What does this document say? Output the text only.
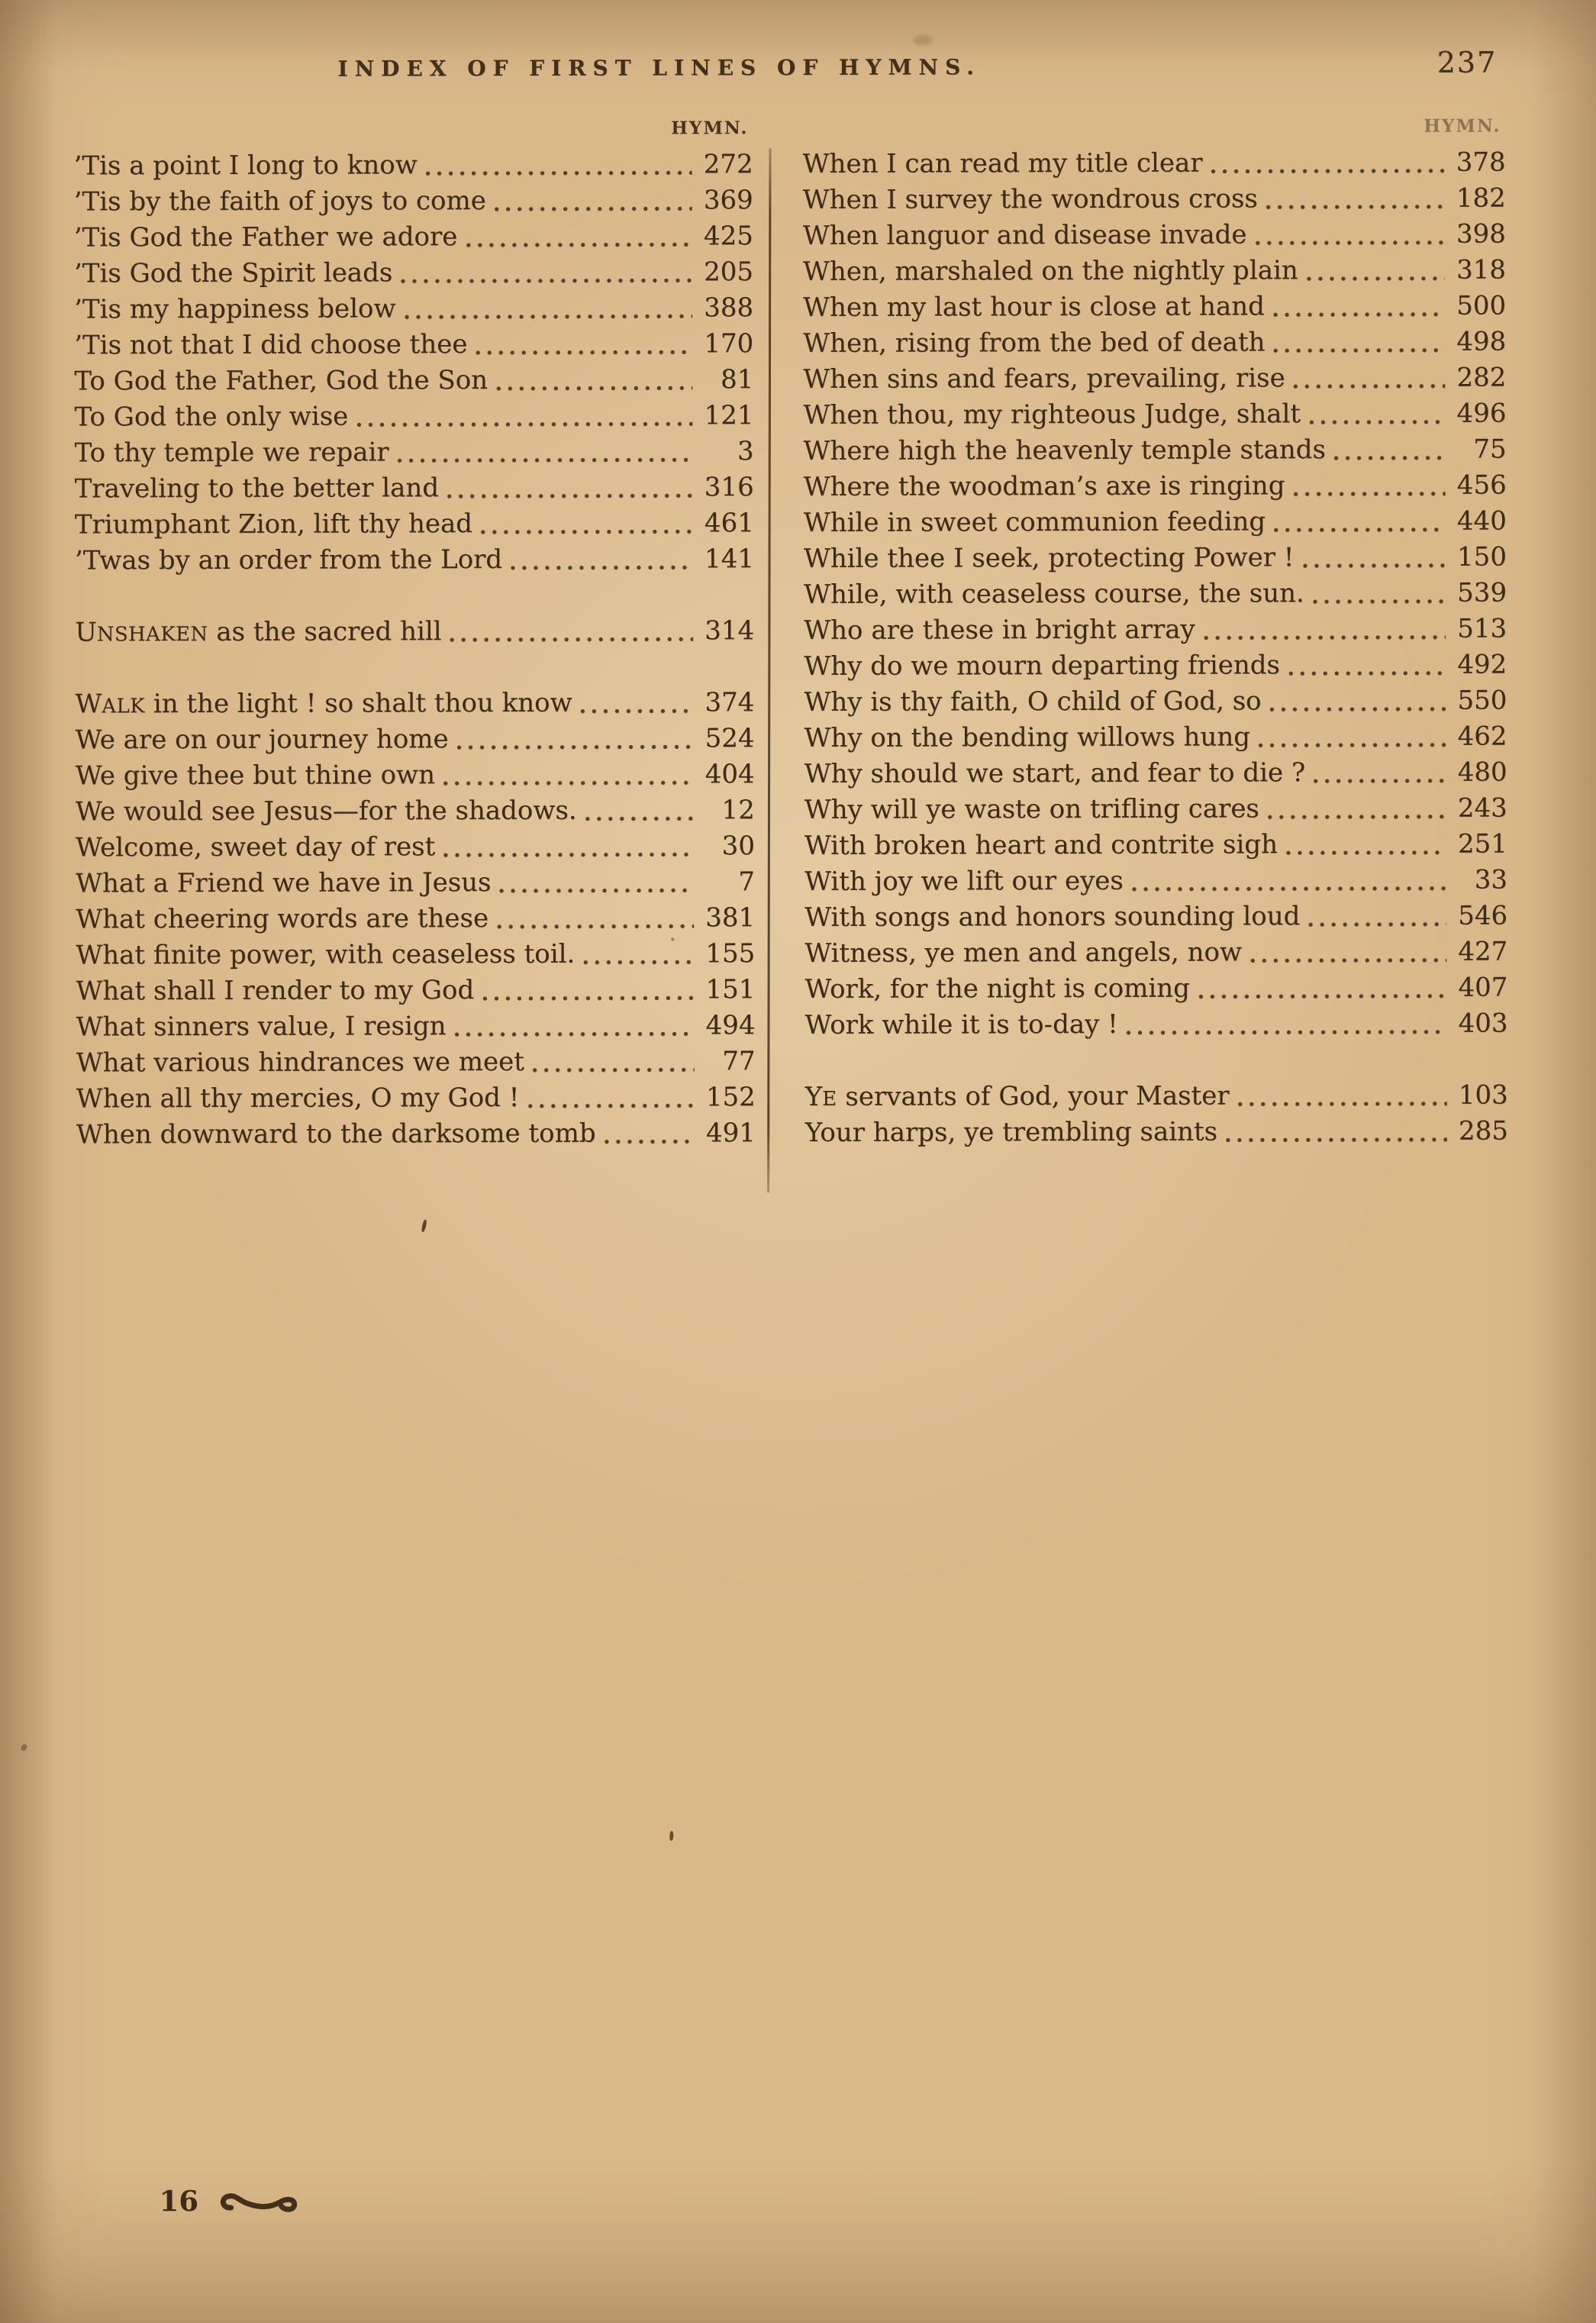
INDEX OF FIRST LINES OF HYMNS.	237
HYMN.
’Tis a point I long to know	272
’Tis by the faith of joys to come	369
’Tis God the Father we adore	425
’Tis God the Spirit leads	205
’Tis my happiness below	388
’Tis not that I did choose thee	170
To God the Father, God the Son	81
To God the only wise	121
To thy temple we repair	3
Traveling to the better land	316
Triumphant Zion, lift thy head	461
’Twas by an order from the Lord	141
UNSHAKEN as the sacred hill	314
WALK in the light ! so shalt thou know	374
We are on our journey home	524
We give thee but thine own	404
We would see Jesus—for the shadows.	12
Welcome, sweet day of rest	30
What a Friend we have in Jesus	7
What cheering words are these	381
What finite power, with ceaseless toil.	155
What shall I render to my God	151
What sinners value, I resign	494
What various hindrances we meet	77
When all thy mercies, O my God !	152
When downward to the darksome tomb	491
HYMN.
When I can read my title clear	378
When I survey the wondrous cross	182
When languor and disease invade	398
When, marshaled on the nightly plain	318
When my last hour is close at hand	500
When, rising from the bed of death	498
When sins and fears, prevailing, rise	282
When thou, my righteous Judge, shalt	496
Where high the heavenly temple stands	75
Where the woodman’s axe is ringing	456
While in sweet communion feeding	440
While thee I seek, protecting Power !	150
While, with ceaseless course, the sun.	539
Who are these in bright array	513
Why do we mourn departing friends	492
Why is thy faith, O child of God, so	550
Why on the bending willows hung	462
Why should we start, and fear to die ?	480
Why will ye waste on trifling cares	243
With broken heart and contrite sigh	251
With joy we lift our eyes	33
With songs and honors sounding loud	546
Witness, ye men and angels, now	427
Work, for the night is coming	407
Work while it is to-day !	403
YE servants of God, your Master	103
Your harps, ye trembling saints	285
16
